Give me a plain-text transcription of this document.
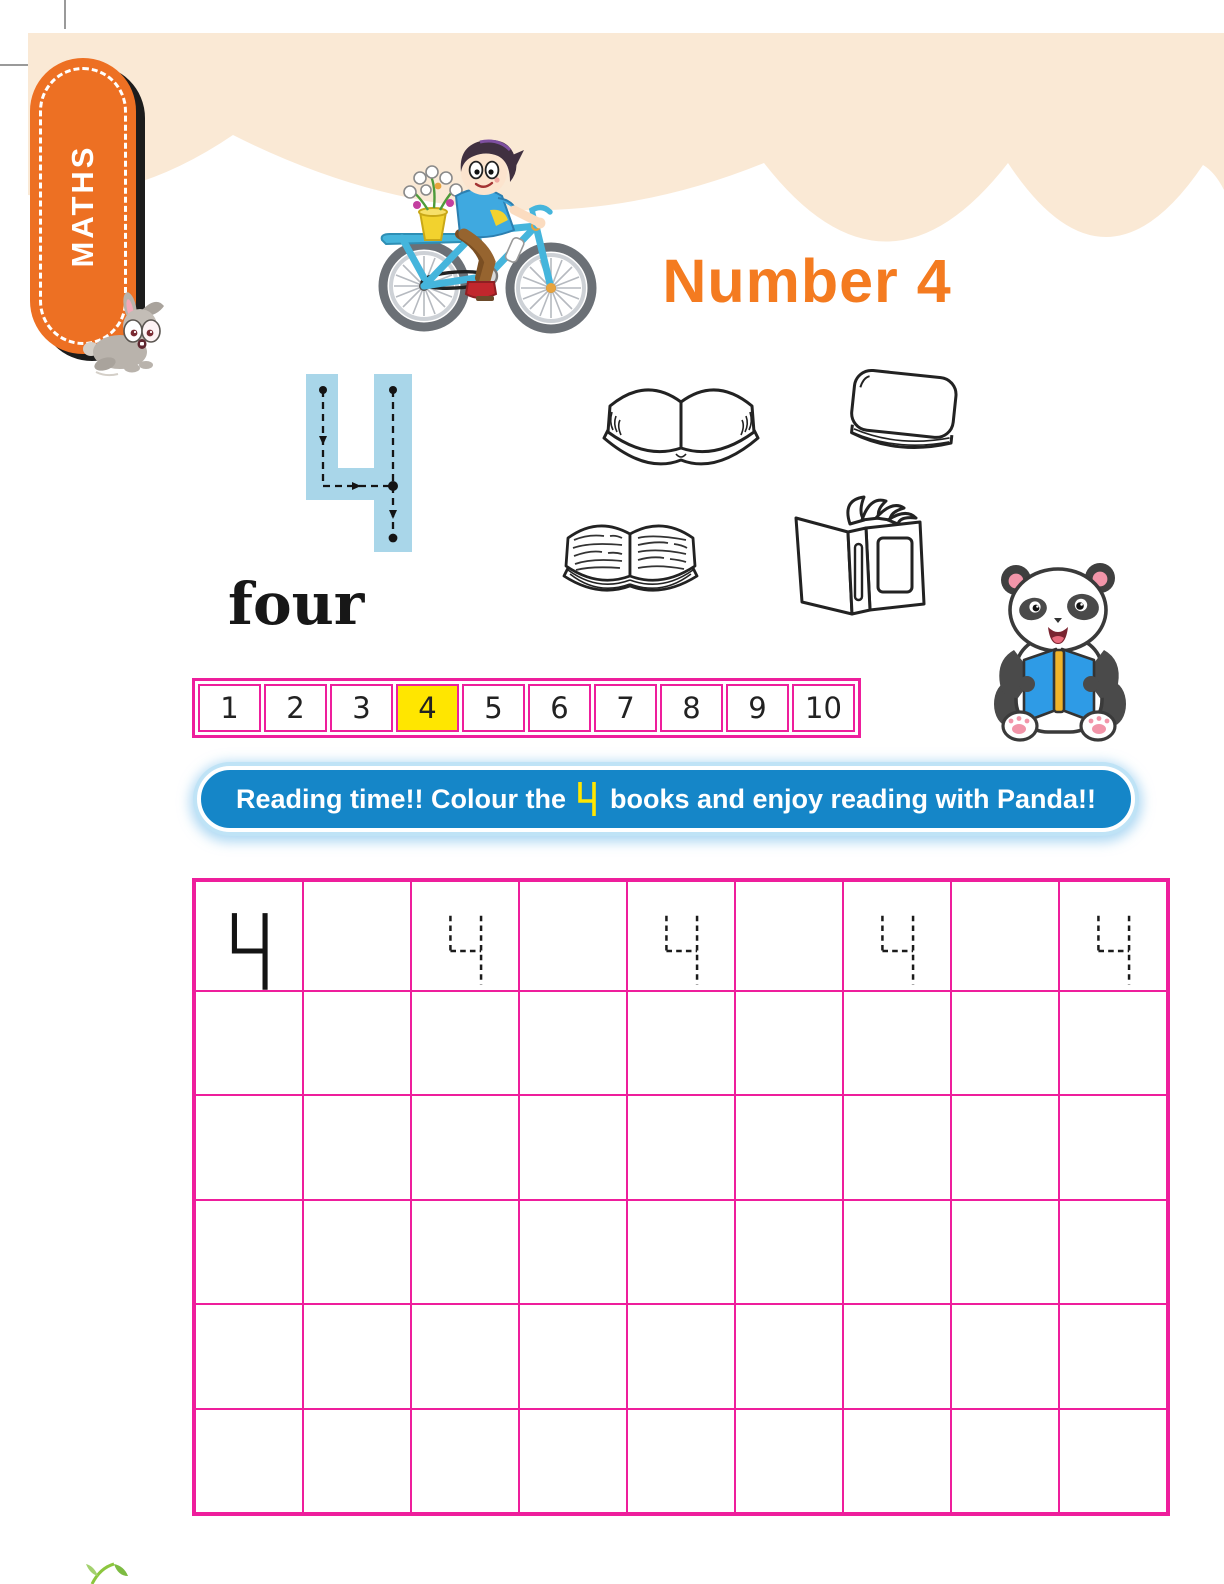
MATHS
Number 4
four
1	2	3	4	5	6	7	8	9	10
Reading time!! Colour the books and enjoy reading with Panda!!
